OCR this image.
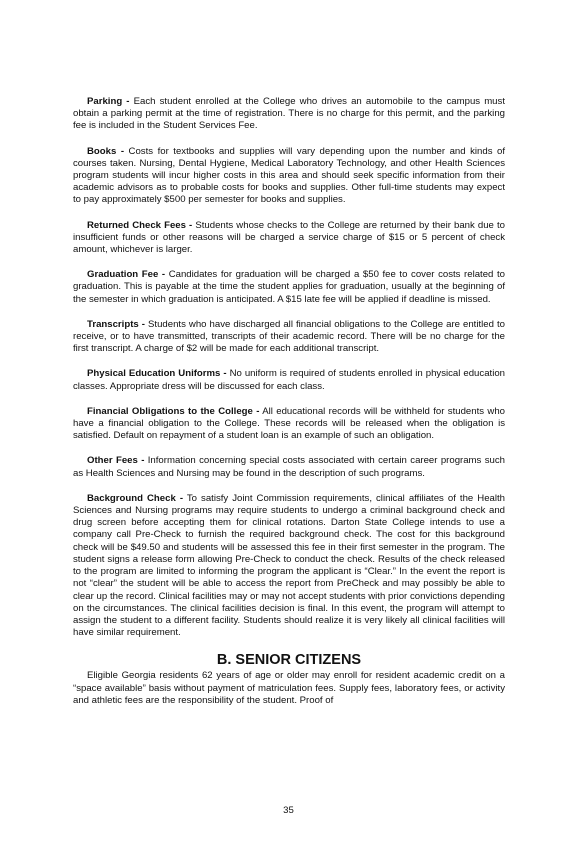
Parking - Each student enrolled at the College who drives an automobile to the campus must obtain a parking permit at the time of registration. There is no charge for this permit, and the parking fee is included in the Student Services Fee.

Books - Costs for textbooks and supplies will vary depending upon the number and kinds of courses taken. Nursing, Dental Hygiene, Medical Laboratory Technology, and other Health Sciences program students will incur higher costs in this area and should seek specific information from their academic advisors as to probable costs for books and supplies. Other full-time students may expect to pay approximately $500 per semester for books and supplies.

Returned Check Fees - Students whose checks to the College are returned by their bank due to insufficient funds or other reasons will be charged a service charge of $15 or 5 percent of check amount, whichever is larger.

Graduation Fee - Candidates for graduation will be charged a $50 fee to cover costs related to graduation. This is payable at the time the student applies for graduation, usually at the beginning of the semester in which graduation is anticipated. A $15 late fee will be applied if deadline is missed.

Transcripts - Students who have discharged all financial obligations to the College are entitled to receive, or to have transmitted, transcripts of their academic record. There will be no charge for the first transcript. A charge of $2 will be made for each additional transcript.

Physical Education Uniforms - No uniform is required of students enrolled in physical education classes. Appropriate dress will be discussed for each class.

Financial Obligations to the College - All educational records will be withheld for students who have a financial obligation to the College. These records will be released when the obligation is satisfied. Default on repayment of a student loan is an example of such an obligation.

Other Fees - Information concerning special costs associated with certain career programs such as Health Sciences and Nursing may be found in the description of such programs.

Background Check - To satisfy Joint Commission requirements, clinical affiliates of the Health Sciences and Nursing programs may require students to undergo a criminal background check and drug screen before accepting them for clinical rotations. Darton State College intends to use a company call Pre-Check to furnish the required background check. The cost for this background check will be $49.50 and students will be assessed this fee in their first semester in the program. The student signs a release form allowing Pre-Check to conduct the check. Results of the check released to the program are limited to informing the program the applicant is “Clear.” In the event the report is not “clear” the student will be able to access the report from PreCheck and may possibly be able to clear up the record. Clinical facilities may or may not accept students with prior convictions depending on the circumstances. The clinical facilities decision is final. In this event, the program will attempt to assign the student to a different facility. Students should realize it is very likely all clinical facilities will have similar requirement.

B. SENIOR CITIZENS

Eligible Georgia residents 62 years of age or older may enroll for resident academic credit on a “space available” basis without payment of matriculation fees. Supply fees, laboratory fees, or activity and athletic fees are the responsibility of the student. Proof of

35
